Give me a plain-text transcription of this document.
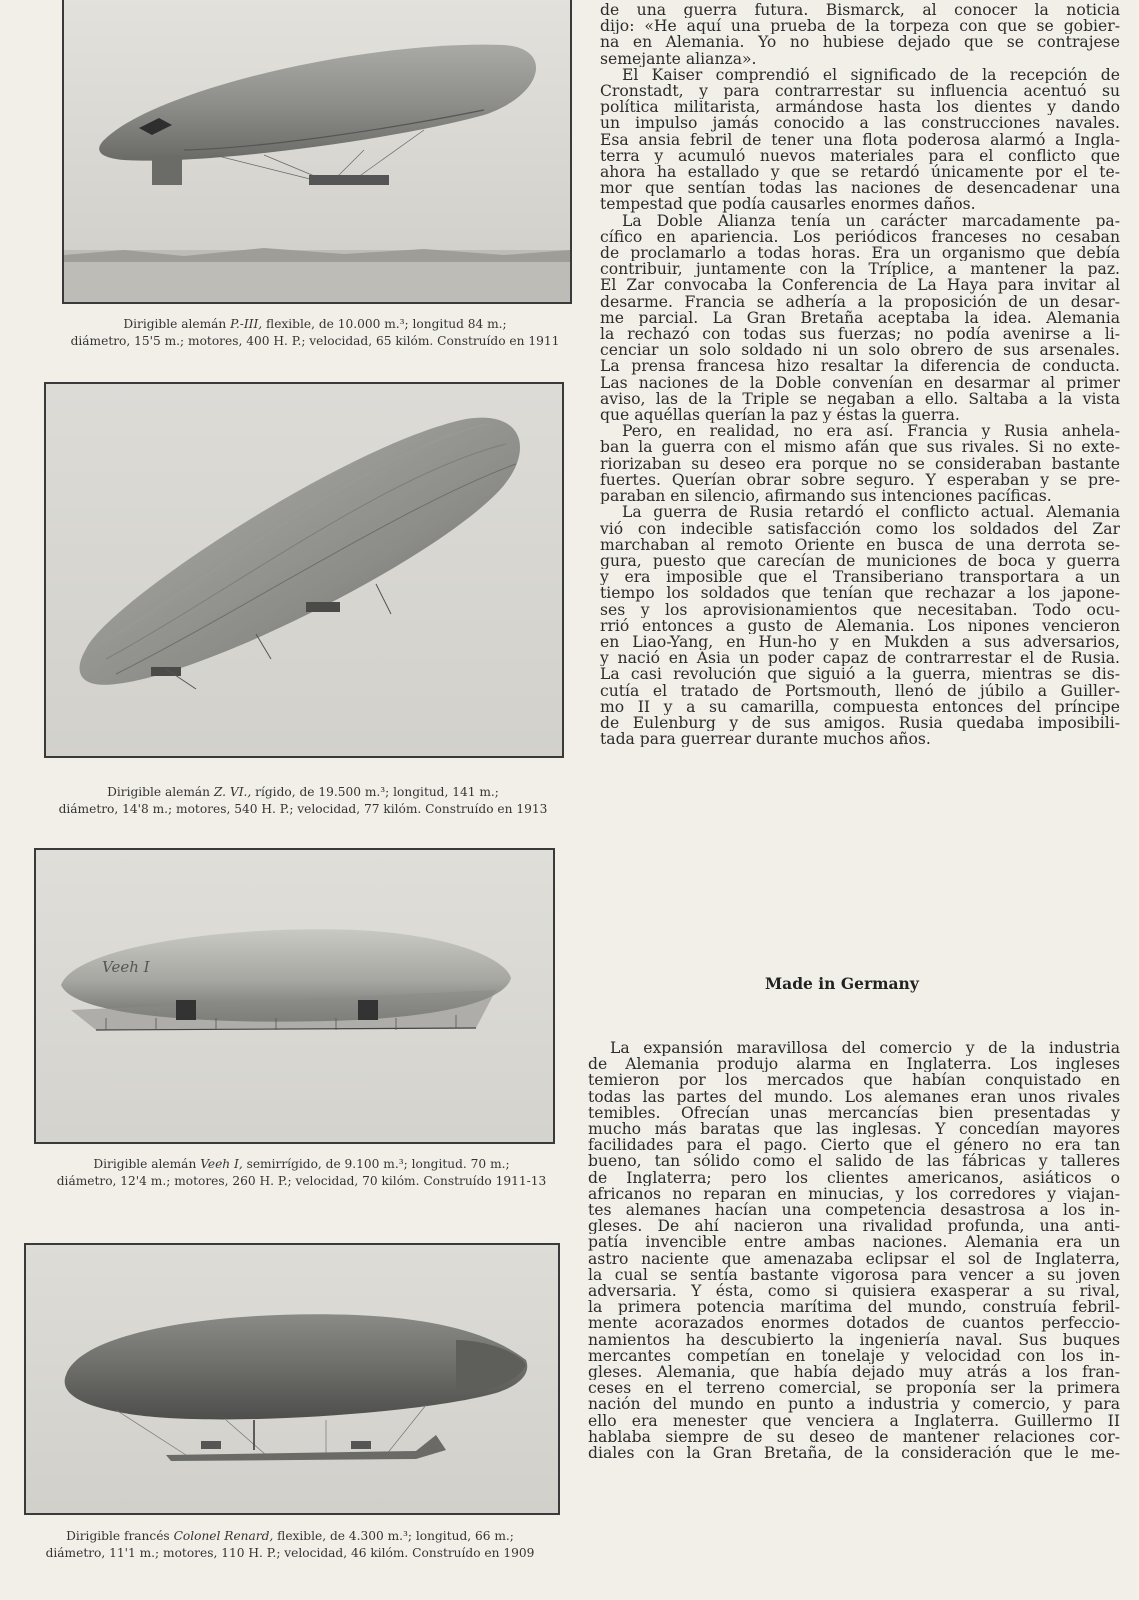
Dirigible alemán P.-III, flexible, de 10.000 m.³; longitud 84 m.;
diámetro, 15'5 m.; motores, 400 H. P.; velocidad, 65 kilóm. Construído en 1911
Dirigible alemán Z. VI., rígido, de 19.500 m.³; longitud, 141 m.;
diámetro, 14'8 m.; motores, 540 H. P.; velocidad, 77 kilóm. Construído en 1913
Veeh I
Dirigible alemán Veeh I, semirrígido, de 9.100 m.³; longitud. 70 m.;
diámetro, 12'4 m.; motores, 260 H. P.; velocidad, 70 kilóm. Construído 1911-13
Dirigible francés Colonel Renard, flexible, de 4.300 m.³; longitud, 66 m.;
diámetro, 11'1 m.; motores, 110 H. P.; velocidad, 46 kilóm. Construído en 1909
de una guerra futura. Bismarck, al conocer la noticia
dijo: «He aquí una prueba de la torpeza con que se gobier-
na en Alemania. Yo no hubiese dejado que se contrajese
semejante alianza».
El Kaiser comprendió el significado de la recepción de
Cronstadt, y para contrarrestar su influencia acentuó su
política militarista, armándose hasta los dientes y dando
un impulso jamás conocido a las construcciones navales.
Esa ansia febril de tener una flota poderosa alarmó a Ingla-
terra y acumuló nuevos materiales para el conflicto que
ahora ha estallado y que se retardó únicamente por el te-
mor que sentían todas las naciones de desencadenar una
tempestad que podía causarles enormes daños.
La Doble Alianza tenía un carácter marcadamente pa-
cífico en apariencia. Los periódicos franceses no cesaban
de proclamarlo a todas horas. Era un organismo que debía
contribuir, juntamente con la Tríplice, a mantener la paz.
El Zar convocaba la Conferencia de La Haya para invitar al
desarme. Francia se adhería a la proposición de un desar-
me parcial. La Gran Bretaña aceptaba la idea. Alemania
la rechazó con todas sus fuerzas; no podía avenirse a li-
cenciar un solo soldado ni un solo obrero de sus arsenales.
La prensa francesa hizo resaltar la diferencia de conducta.
Las naciones de la Doble convenían en desarmar al primer
aviso, las de la Triple se negaban a ello. Saltaba a la vista
que aquéllas querían la paz y éstas la guerra.
Pero, en realidad, no era así. Francia y Rusia anhela-
ban la guerra con el mismo afán que sus rivales. Si no exte-
riorizaban su deseo era porque no se consideraban bastante
fuertes. Querían obrar sobre seguro. Y esperaban y se pre-
paraban en silencio, afirmando sus intenciones pacíficas.
La guerra de Rusia retardó el conflicto actual. Alemania
vió con indecible satisfacción como los soldados del Zar
marchaban al remoto Oriente en busca de una derrota se-
gura, puesto que carecían de municiones de boca y guerra
y era imposible que el Transiberiano transportara a un
tiempo los soldados que tenían que rechazar a los japone-
ses y los aprovisionamientos que necesitaban. Todo ocu-
rrió entonces a gusto de Alemania. Los nipones vencieron
en Liao-Yang, en Hun-ho y en Mukden a sus adversarios,
y nació en Asia un poder capaz de contrarrestar el de Rusia.
La casi revolución que siguió a la guerra, mientras se dis-
cutía el tratado de Portsmouth, llenó de júbilo a Guiller-
mo II y a su camarilla, compuesta entonces del príncipe
de Eulenburg y de sus amigos. Rusia quedaba imposibili-
tada para guerrear durante muchos años.
Made in Germany
La expansión maravillosa del comercio y de la industria
de Alemania produjo alarma en Inglaterra. Los ingleses
temieron por los mercados que habían conquistado en
todas las partes del mundo. Los alemanes eran unos rivales
temibles. Ofrecían unas mercancías bien presentadas y
mucho más baratas que las inglesas. Y concedían mayores
facilidades para el pago. Cierto que el género no era tan
bueno, tan sólido como el salido de las fábricas y talleres
de Inglaterra; pero los clientes americanos, asiáticos o
africanos no reparan en minucias, y los corredores y viajan-
tes alemanes hacían una competencia desastrosa a los in-
gleses. De ahí nacieron una rivalidad profunda, una anti-
patía invencible entre ambas naciones. Alemania era un
astro naciente que amenazaba eclipsar el sol de Inglaterra,
la cual se sentía bastante vigorosa para vencer a su joven
adversaria. Y ésta, como si quisiera exasperar a su rival,
la primera potencia marítima del mundo, construía febril-
mente acorazados enormes dotados de cuantos perfeccio-
namientos ha descubierto la ingeniería naval. Sus buques
mercantes competían en tonelaje y velocidad con los in-
gleses. Alemania, que había dejado muy atrás a los fran-
ceses en el terreno comercial, se proponía ser la primera
nación del mundo en punto a industria y comercio, y para
ello era menester que venciera a Inglaterra. Guillermo II
hablaba siempre de su deseo de mantener relaciones cor-
diales con la Gran Bretaña, de la consideración que le me-
